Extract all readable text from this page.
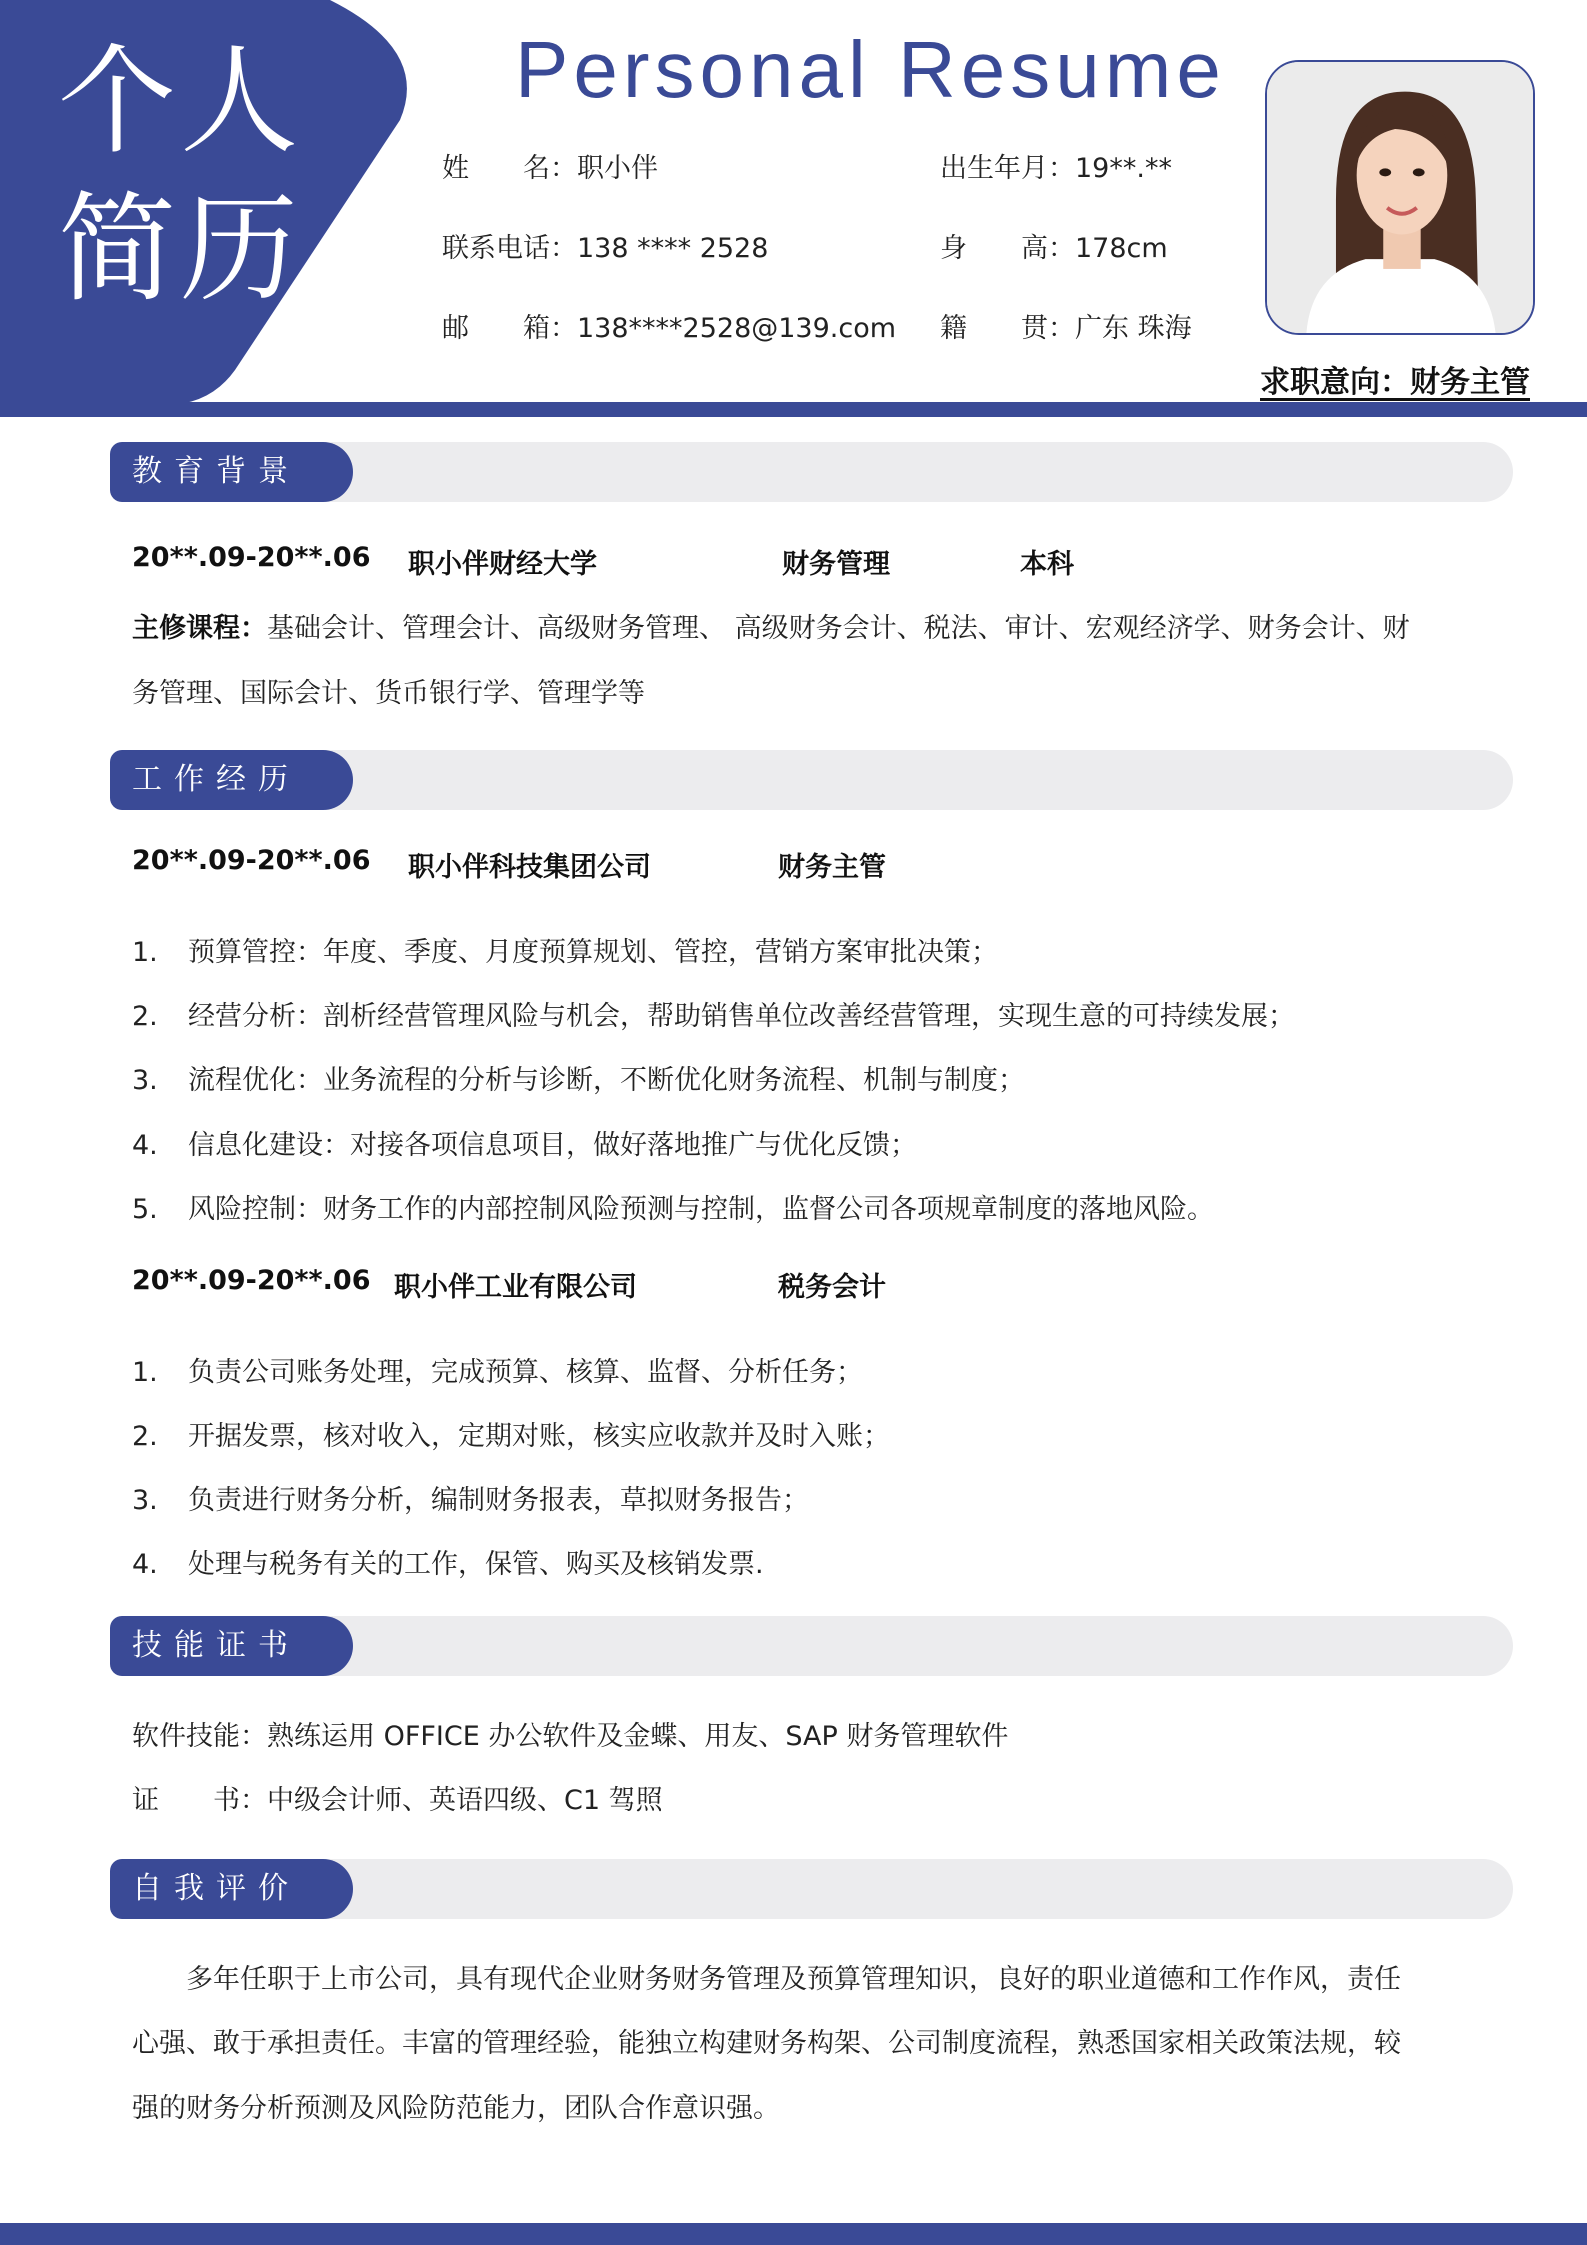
个人
简历
Personal Resume
姓　　名：职小伴	出生年月：19**.**
联系电话：138 **** 2528	身　　高：178cm
邮　　箱：138****2528@139.com 籍　　贯：广东 珠海
求职意向：财务主管
教育背景
20**.09-20**.06 职小伴财经大学	财务管理	本科
主修课程：基础会计、管理会计、高级财务管理、 高级财务会计、税法、审计、宏观经济学、财务会计、财
务管理、国际会计、货币银行学、管理学等
工作经历
20**.09-20**.06 职小伴科技集团公司	财务主管
1. 预算管控：年度、季度、月度预算规划、管控，营销方案审批决策；
2. 经营分析：剖析经营管理风险与机会，帮助销售单位改善经营管理，实现生意的可持续发展；
3. 流程优化：业务流程的分析与诊断，不断优化财务流程、机制与制度；
4. 信息化建设：对接各项信息项目，做好落地推广与优化反馈；
5. 风险控制：财务工作的内部控制风险预测与控制，监督公司各项规章制度的落地风险。
20**.09-20**.06 职小伴工业有限公司	税务会计
1. 负责公司账务处理，完成预算、核算、监督、分析任务；
2. 开据发票，核对收入，定期对账，核实应收款并及时入账；
3. 负责进行财务分析，编制财务报表，草拟财务报告；
4. 处理与税务有关的工作，保管、购买及核销发票.
技能证书
软件技能：熟练运用 OFFICE 办公软件及金蝶、用友、SAP 财务管理软件
证　　书：中级会计师、英语四级、C1 驾照
自我评价
　　多年任职于上市公司，具有现代企业财务财务管理及预算管理知识，良好的职业道德和工作作风，责任
心强、敢于承担责任。丰富的管理经验，能独立构建财务构架、公司制度流程，熟悉国家相关政策法规，较
强的财务分析预测及风险防范能力，团队合作意识强。
